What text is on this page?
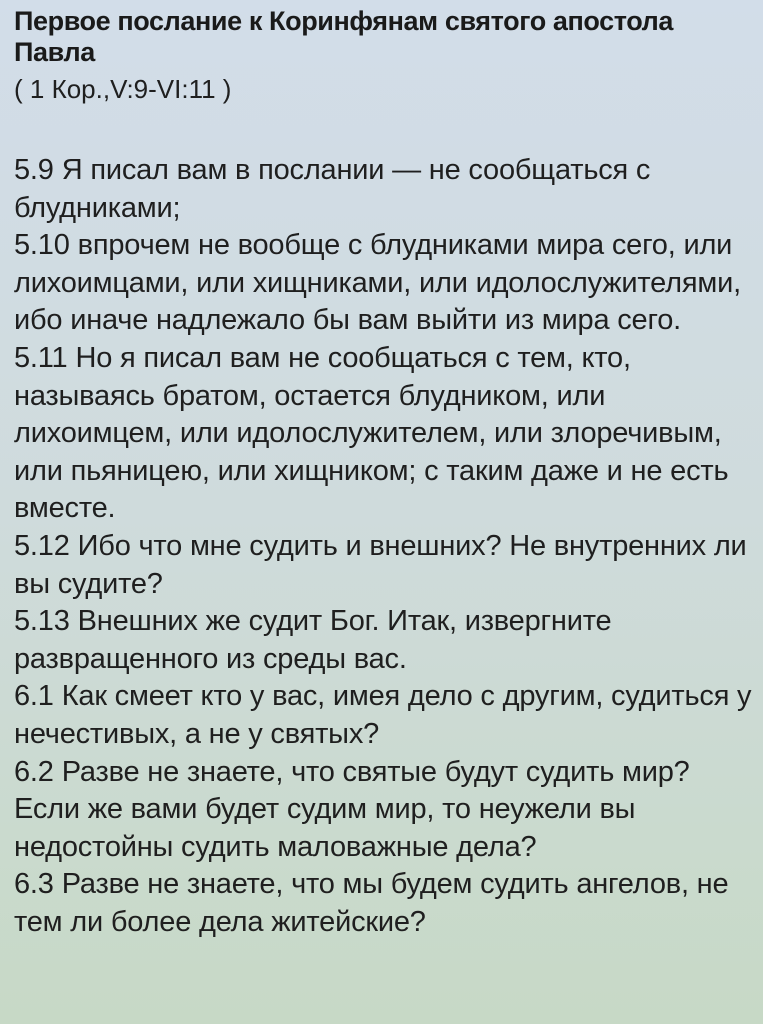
Первое послание к Коринфянам святого апостола Павла
( 1 Кор.,V:9-VI:11 )

5.9 Я писал вам в послании — не сообщаться с блудниками;

5.10 впрочем не вообще с блудниками мира сего, или лихоимцами, или хищниками, или идолослужителями, ибо иначе надлежало бы вам выйти из мира сего.

5.11 Но я писал вам не сообщаться с тем, кто, называясь братом, остается блудником, или лихоимцем, или идолослужителем, или злоречивым, или пьяницею, или хищником; с таким даже и не есть вместе.

5.12 Ибо что мне судить и внешних? Не внутренних ли вы судите?

5.13 Внешних же судит Бог. Итак, извергните развращенного из среды вас.

6.1 Как смеет кто у вас, имея дело с другим, судиться у нечестивых, а не у святых?

6.2 Разве не знаете, что святые будут судить мир? Если же вами будет судим мир, то неужели вы недостойны судить маловажные дела?

6.3 Разве не знаете, что мы будем судить ангелов, не тем ли более дела житейские?
